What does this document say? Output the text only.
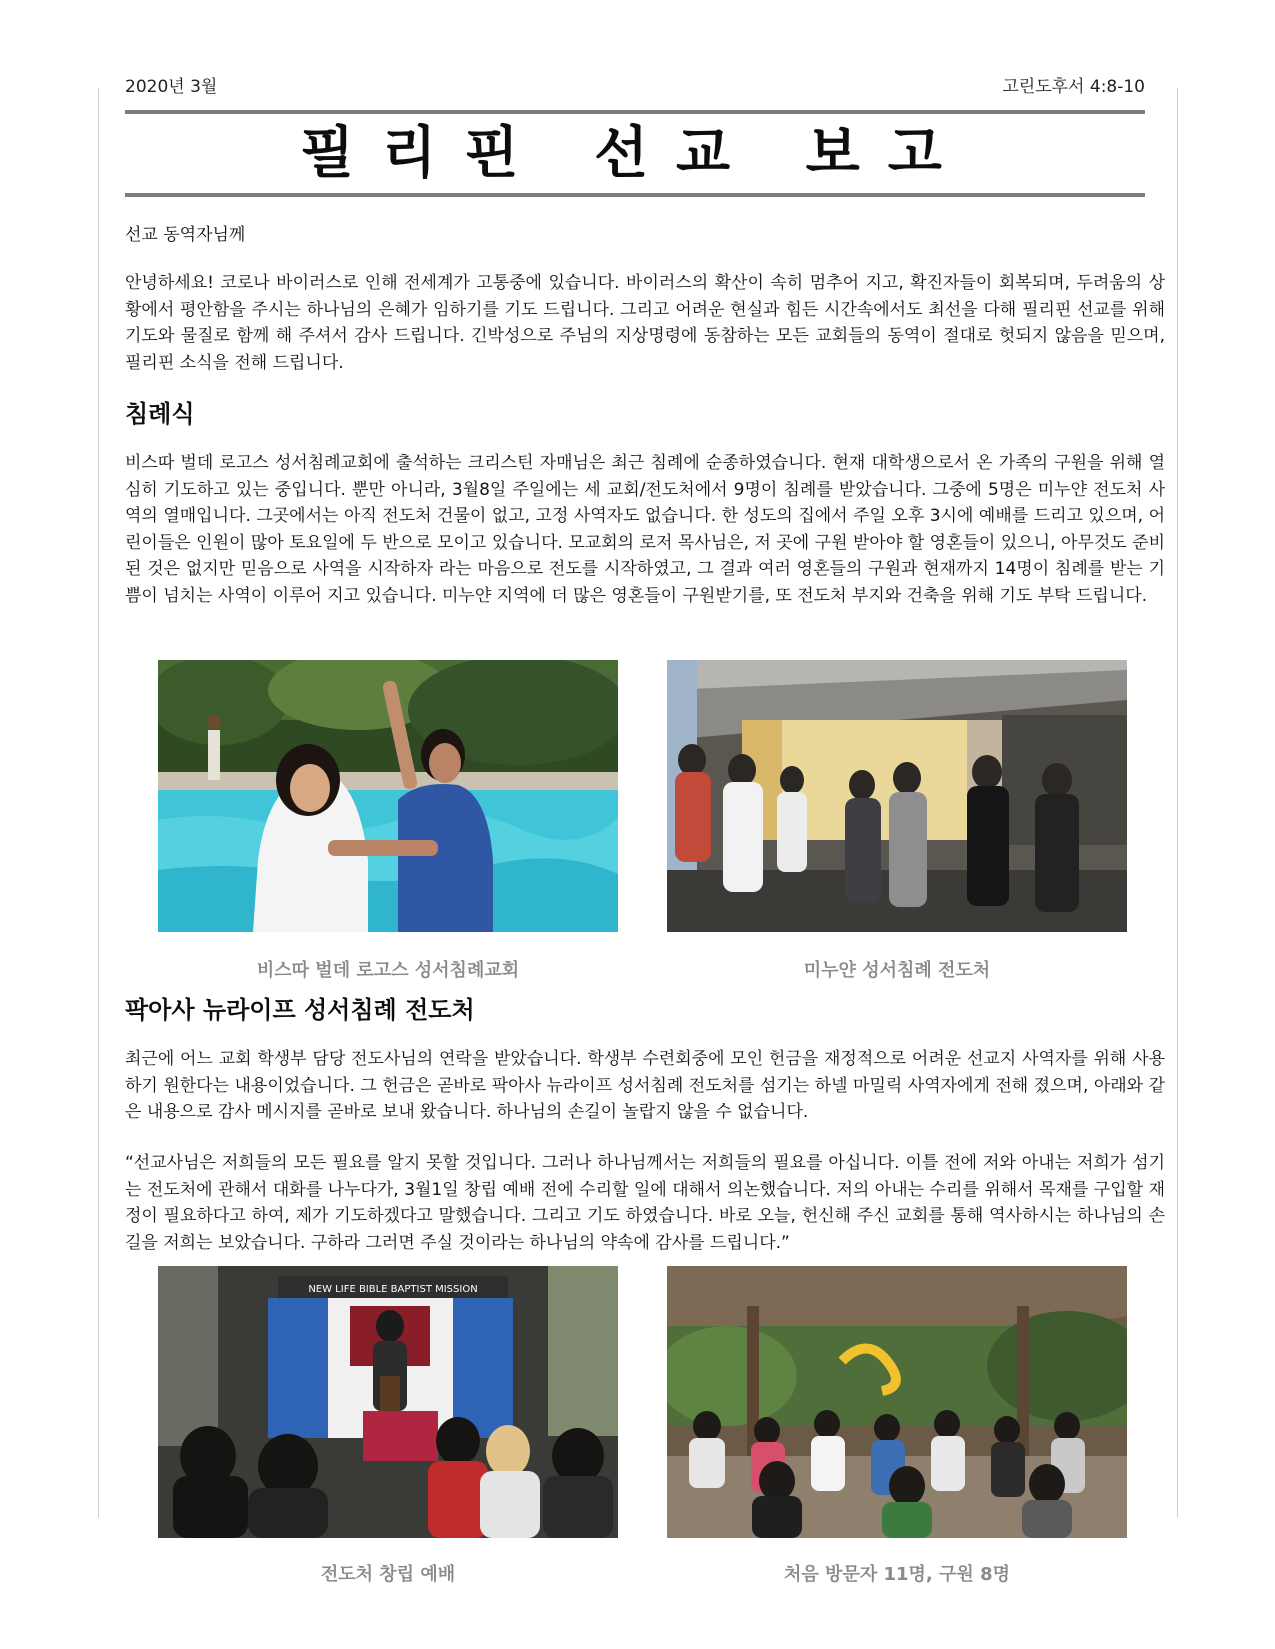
2020년 3월	고린도후서 4:8-10
필리핀 선교 보고
선교 동역자님께

안녕하세요! 코로나 바이러스로 인해 전세계가 고통중에 있습니다. 바이러스의 확산이 속히 멈추어 지고, 확진자들이 회복되며, 두려움의 상황에서 평안함을 주시는 하나님의 은혜가 임하기를 기도 드립니다. 그리고 어려운 현실과 힘든 시간속에서도 최선을 다해 필리핀 선교를 위해 기도와 물질로 함께 해 주셔서 감사 드립니다. 긴박성으로 주님의 지상명령에 동참하는 모든 교회들의 동역이 절대로 헛되지 않음을 믿으며, 필리핀 소식을 전해 드립니다.

침례식

비스따 벌데 로고스 성서침례교회에 출석하는 크리스틴 자매님은 최근 침례에 순종하였습니다. 현재 대학생으로서 온 가족의 구원을 위해 열심히 기도하고 있는 중입니다. 뿐만 아니라, 3월8일 주일에는 세 교회/전도처에서 9명이 침례를 받았습니다. 그중에 5명은 미누얀 전도처 사역의 열매입니다. 그곳에서는 아직 전도처 건물이 없고, 고정 사역자도 없습니다. 한 성도의 집에서 주일 오후 3시에 예배를 드리고 있으며, 어린이들은 인원이 많아 토요일에 두 반으로 모이고 있습니다. 모교회의 로저 목사님은, 저 곳에 구원 받아야 할 영혼들이 있으니, 아무것도 준비 된 것은 없지만 믿음으로 사역을 시작하자 라는 마음으로 전도를 시작하였고, 그 결과 여러 영혼들의 구원과 현재까지 14명이 침례를 받는 기쁨이 넘치는 사역이 이루어 지고 있습니다. 미누얀 지역에 더 많은 영혼들이 구원받기를, 또 전도처 부지와 건축을 위해 기도 부탁 드립니다.

비스따 벌데 로고스 성서침례교회	미누얀 성서침례 전도처
팍아사 뉴라이프 성서침례 전도처

최근에 어느 교회 학생부 담당 전도사님의 연락을 받았습니다. 학생부 수련회중에 모인 헌금을 재정적으로 어려운 선교지 사역자를 위해 사용하기 원한다는 내용이었습니다. 그 헌금은 곧바로 팍아사 뉴라이프 성서침례 전도처를 섬기는 하넬 마밀릭 사역자에게 전해 졌으며, 아래와 같은 내용으로 감사 메시지를 곧바로 보내 왔습니다. 하나님의 손길이 놀랍지 않을 수 없습니다.

“선교사님은 저희들의 모든 필요를 알지 못할 것입니다. 그러나 하나님께서는 저희들의 필요를 아십니다. 이틀 전에 저와 아내는 저희가 섬기는 전도처에 관해서 대화를 나누다가, 3월1일 창립 예배 전에 수리할 일에 대해서 의논했습니다. 저의 아내는 수리를 위해서 목재를 구입할 재정이 필요하다고 하여, 제가 기도하겠다고 말했습니다. 그리고 기도 하였습니다. 바로 오늘, 헌신해 주신 교회를 통해 역사하시는 하나님의 손길을 저희는 보았습니다. 구하라 그러면 주실 것이라는 하나님의 약속에 감사를 드립니다.”

NEW LIFE BIBLE BAPTIST MISSION
전도처 창립 예배	처음 방문자 11명, 구원 8명
